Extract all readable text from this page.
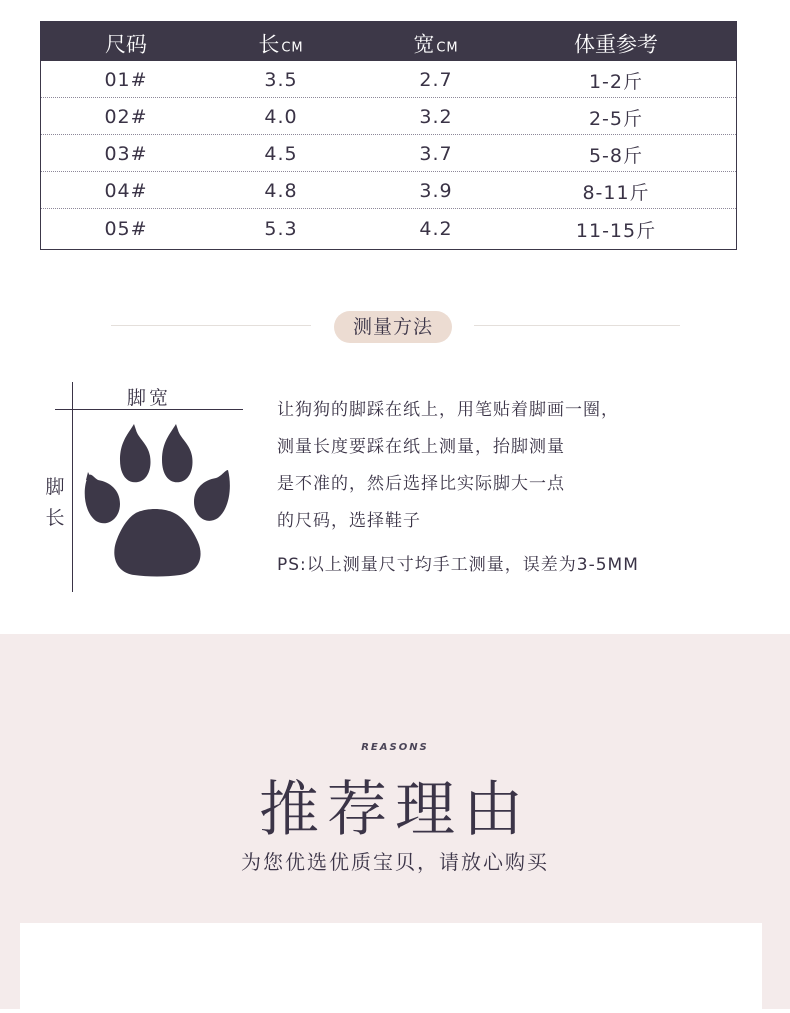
尺码	长CM	宽CM	体重参考
01#	3.5	2.7	1-2斤
02#	4.0	3.2	2-5斤
03#	4.5	3.7	5-8斤
04#	4.8	3.9	8-11斤
05#	5.3	4.2	11-15斤
测量方法
脚宽
脚
长
让狗狗的脚踩在纸上，用笔贴着脚画一圈，
测量长度要踩在纸上测量，抬脚测量
是不准的，然后选择比实际脚大一点
的尺码，选择鞋子
PS:以上测量尺寸均手工测量，误差为3-5MM
REASONS
推荐理由
为您优选优质宝贝，请放心购买
